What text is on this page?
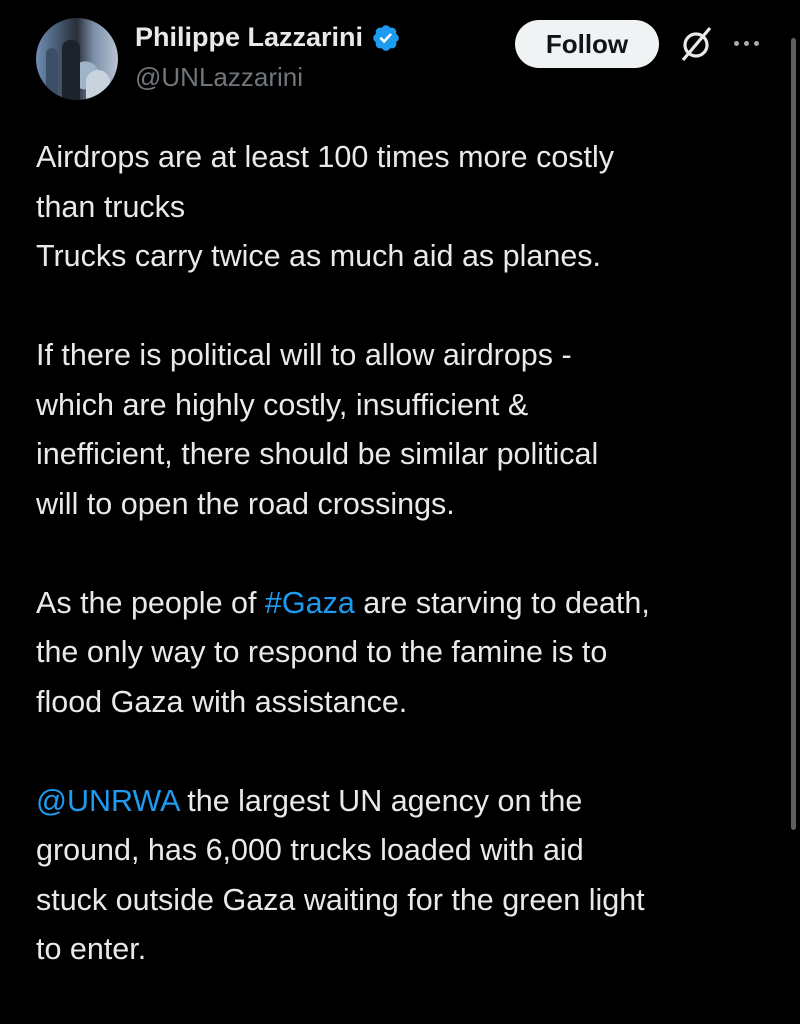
Philippe Lazzarini
@UNLazzarini
Follow
Airdrops are at least 100 times more costly
than trucks
Trucks carry twice as much aid as planes.
If there is political will to allow airdrops -
which are highly costly, insufficient &
inefficient, there should be similar political
will to open the road crossings.
As the people of #Gaza are starving to death,
the only way to respond to the famine is to
flood Gaza with assistance.
@UNRWA the largest UN agency on the
ground, has 6,000 trucks loaded with aid
stuck outside Gaza waiting for the green light
to enter.
